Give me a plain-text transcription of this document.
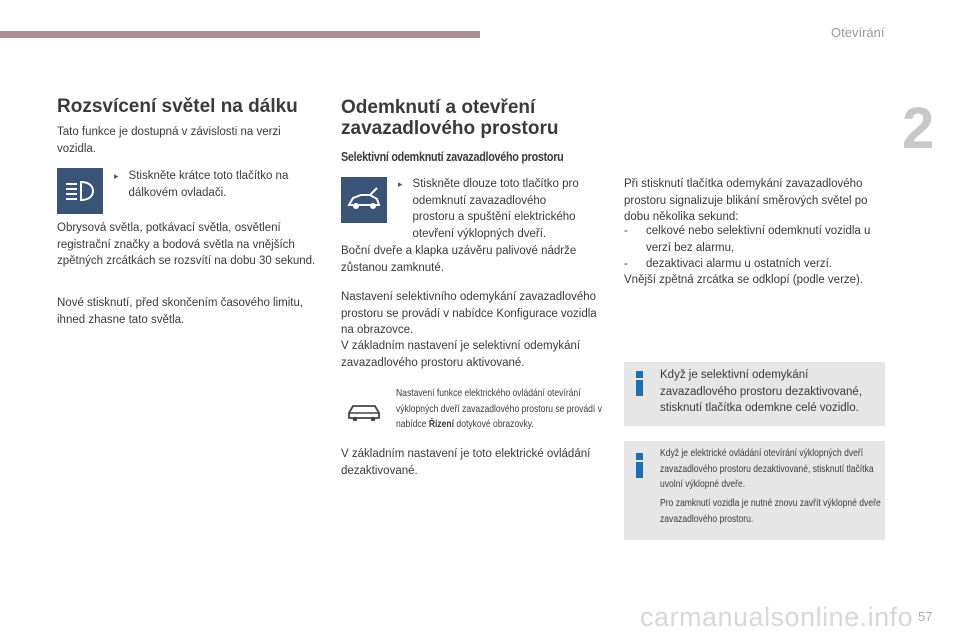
Otevírání
2
Rozsvícení světel na dálku

Tato funkce je dostupná v závislosti na verzi vozidla.

▸ Stiskněte krátce toto tlačítko na dálkovém ovladači.

Obrysová světla, potkávací světla, osvětlení registrační značky a bodová světla na vnějších zpětných zrcátkách se rozsvítí na dobu 30 sekund.

Nové stisknutí, před skončením časového limitu, ihned zhasne tato světla.

Odemknutí a otevření zavazadlového prostoru
Selektivní odemknutí zavazadlového prostoru

▸ Stiskněte dlouze toto tlačítko pro odemknutí zavazadlového prostoru a spuštění elektrického otevření výklopných dveří.

Boční dveře a klapka uzávěru palivové nádrže zůstanou zamknuté.

Nastavení selektivního odemykání zavazadlového prostoru se provádí v nabídce Konfigurace vozidla na obrazovce.

V základním nastavení je selektivní odemykání zavazadlového prostoru aktivované.

Nastavení funkce elektrického ovládání otevírání výklopných dveří zavazadlového prostoru se provádí v nabídce Řízení dotykové obrazovky.

V základním nastavení je toto elektrické ovládání dezaktivované.

Při stisknutí tlačítka odemykání zavazadlového prostoru signalizuje blikání směrových světel po dobu několika sekund:

-	celkové nebo selektivní odemknutí vozidla u verzí bez alarmu,
-	dezaktivaci alarmu u ostatních verzí.

Vnější zpětná zrcátka se odklopí (podle verze).

Když je selektivní odemykání zavazadlového prostoru dezaktivované, stisknutí tlačítka odemkne celé vozidlo.

Když je elektrické ovládání otevírání výklopných dveří zavazadlového prostoru dezaktivované, stisknutí tlačítka uvolní výklopné dveře.
Pro zamknutí vozidla je nutné znovu zavřít výklopné dveře zavazadlového prostoru.
carmanualsonline.info 57
